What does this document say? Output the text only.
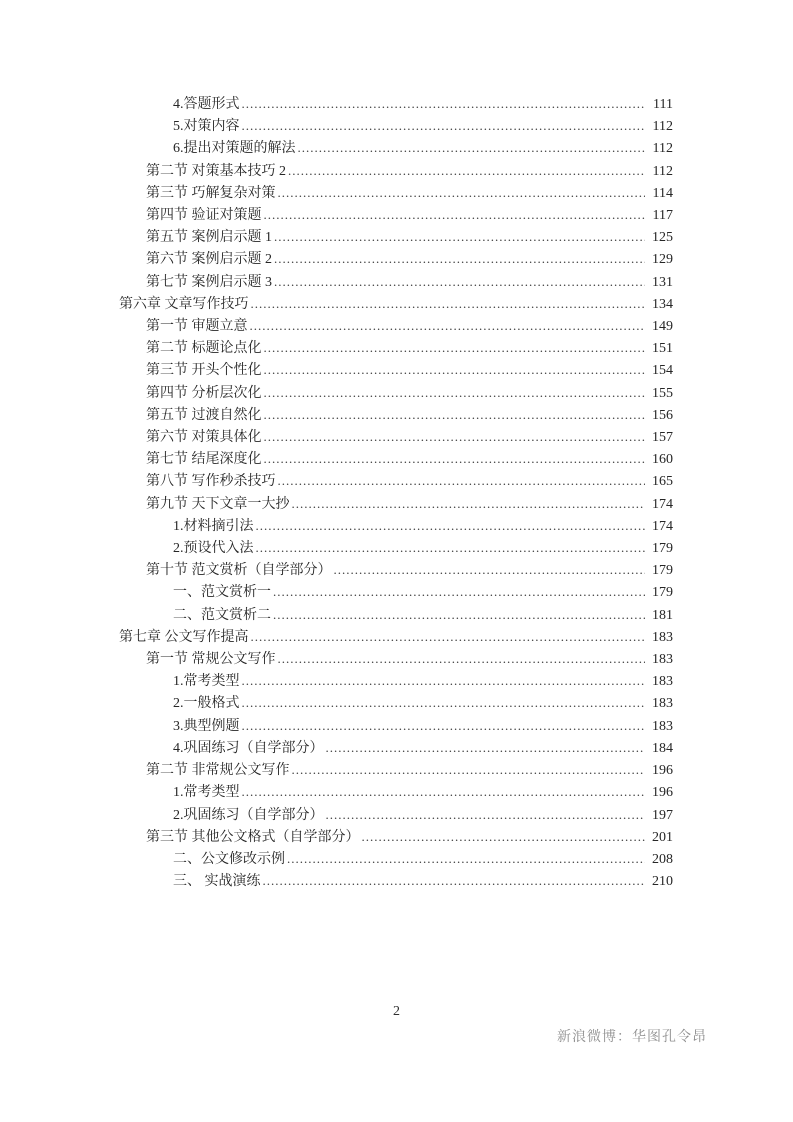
4.答题形式 .....	111
5.对策内容 .....	112
6.提出对策题的解法 .....	112
第二节 对策基本技巧 2 .....	112
第三节 巧解复杂对策 .....	114
第四节 验证对策题 .....	117
第五节 案例启示题 1 .....	125
第六节 案例启示题 2 .....	129
第七节 案例启示题 3 .....	131
第六章 文章写作技巧 .....	134
第一节 审题立意 .....	149
第二节 标题论点化 .....	151
第三节 开头个性化 .....	154
第四节 分析层次化 .....	155
第五节 过渡自然化 .....	156
第六节 对策具体化 .....	157
第七节 结尾深度化 .....	160
第八节 写作秒杀技巧 .....	165
第九节 天下文章一大抄 .....	174
1.材料摘引法 .....	174
2.预设代入法 .....	179
第十节 范文赏析（自学部分） .....	179
一、范文赏析一 .....	179
二、范文赏析二 .....	181
第七章 公文写作提高 .....	183
第一节 常规公文写作 .....	183
1.常考类型 .....	183
2.一般格式 .....	183
3.典型例题 .....	183
4.巩固练习（自学部分） .....	184
第二节 非常规公文写作 .....	196
1.常考类型 .....	196
2.巩固练习（自学部分） .....	197
第三节 其他公文格式（自学部分） .....	201
二、公文修改示例 .....	208
三、 实战演练 .....	210
2
新浪微博：华图孔令昂
